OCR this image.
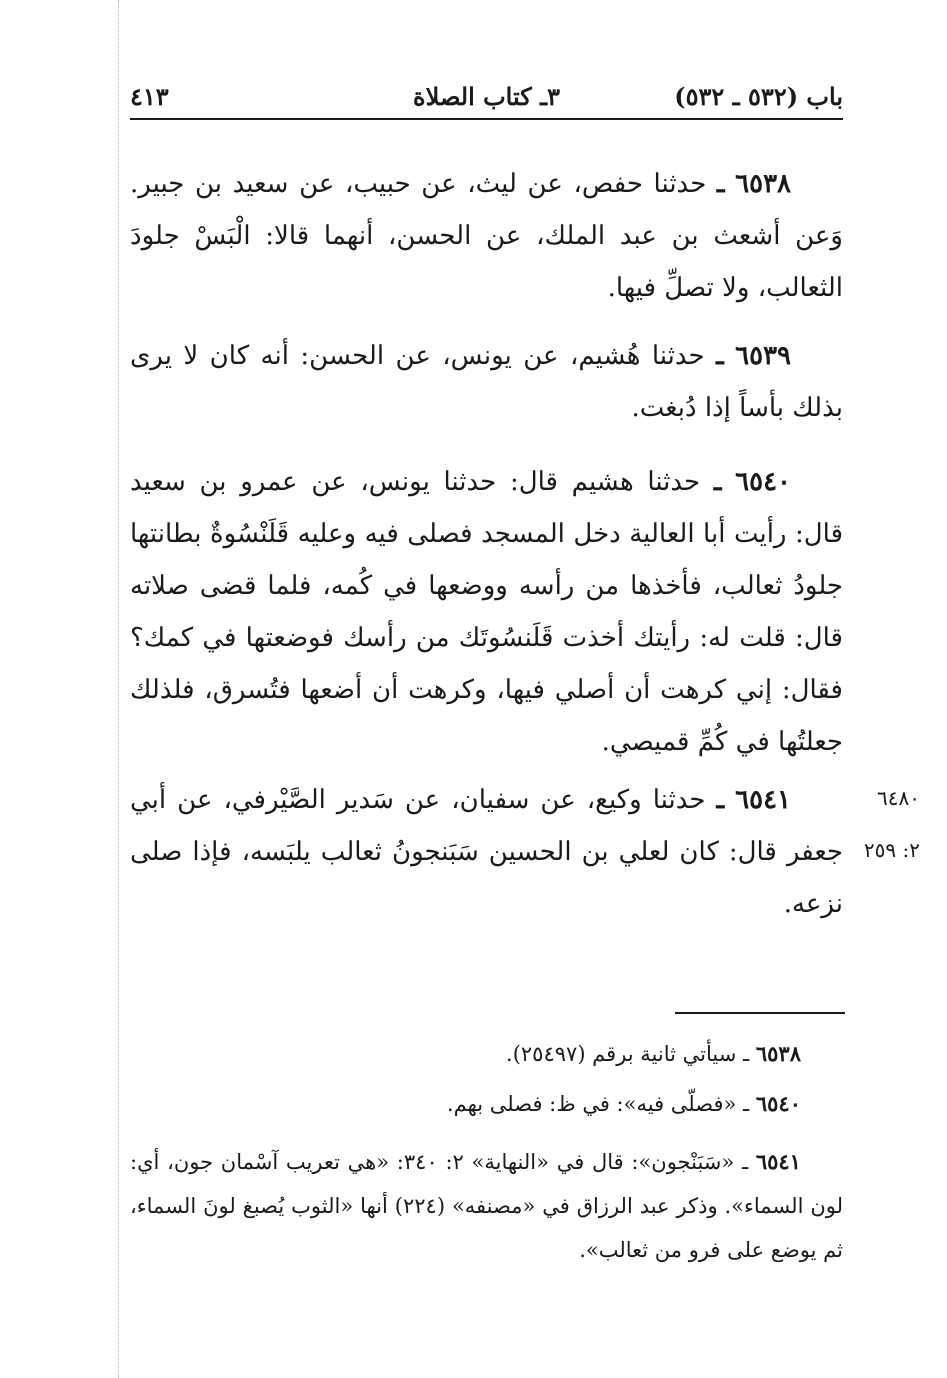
باب (٥٣٢ ـ ٥٣٢)
٣ـ كتاب الصلاة
٤١٣
  ٦٥٣٨ ـ حدثنا حفص، عن ليث، عن حبيب، عن سعيد بن جبير. وَعن أشعث بن عبد الملك، عن الحسن، أنهما قالا: الْبَسْ جلودَ الثعالب، ولا تصلِّ فيها.
  ٦٥٣٩ ـ حدثنا هُشيم، عن يونس، عن الحسن: أنه كان لا يرى بذلك بأساً إذا دُبغت.
  ٦٥٤٠ ـ حدثنا هشيم قال: حدثنا يونس، عن عمرو بن سعيد قال: رأيت أبا العالية دخل المسجد فصلى فيه وعليه قَلَنْسُوةٌ بطانتها جلودُ ثعالب، فأخذها من رأسه ووضعها في كُمه، فلما قضى صلاته قال: قلت له: رأيتك أخذت قَلَنسُوتَك من رأسك فوضعتها في كمك؟ فقال: إني كرهت أن أصلي فيها، وكرهت أن أضعها فتُسرق، فلذلك جعلتُها في كُمِّ قميصي.
  ٦٥٤١ ـ حدثنا وكيع، عن سفيان، عن سَدير الصَّيْرفي، عن أبي جعفر قال: كان لعلي بن الحسين سَبَنجونُ ثعالب يلبَسه، فإذا صلى نزعه.
٦٤٨٠
٢: ٢٥٩
  ٦٥٣٨ ـ سيأتي ثانية برقم (٢٥٤٩٧).
  ٦٥٤٠ ـ «فصلّى فيه»: في ظ: فصلى بهم.
  ٦٥٤١ ـ «سَبَنْجون»: قال في «النهاية» ٢: ٣٤٠: «هي تعريب آسْمان جون، أي: لون السماء». وذكر عبد الرزاق في «مصنفه» (٢٢٤) أنها «الثوب يُصبغ لونَ السماء، ثم يوضع على فرو من ثعالب».
